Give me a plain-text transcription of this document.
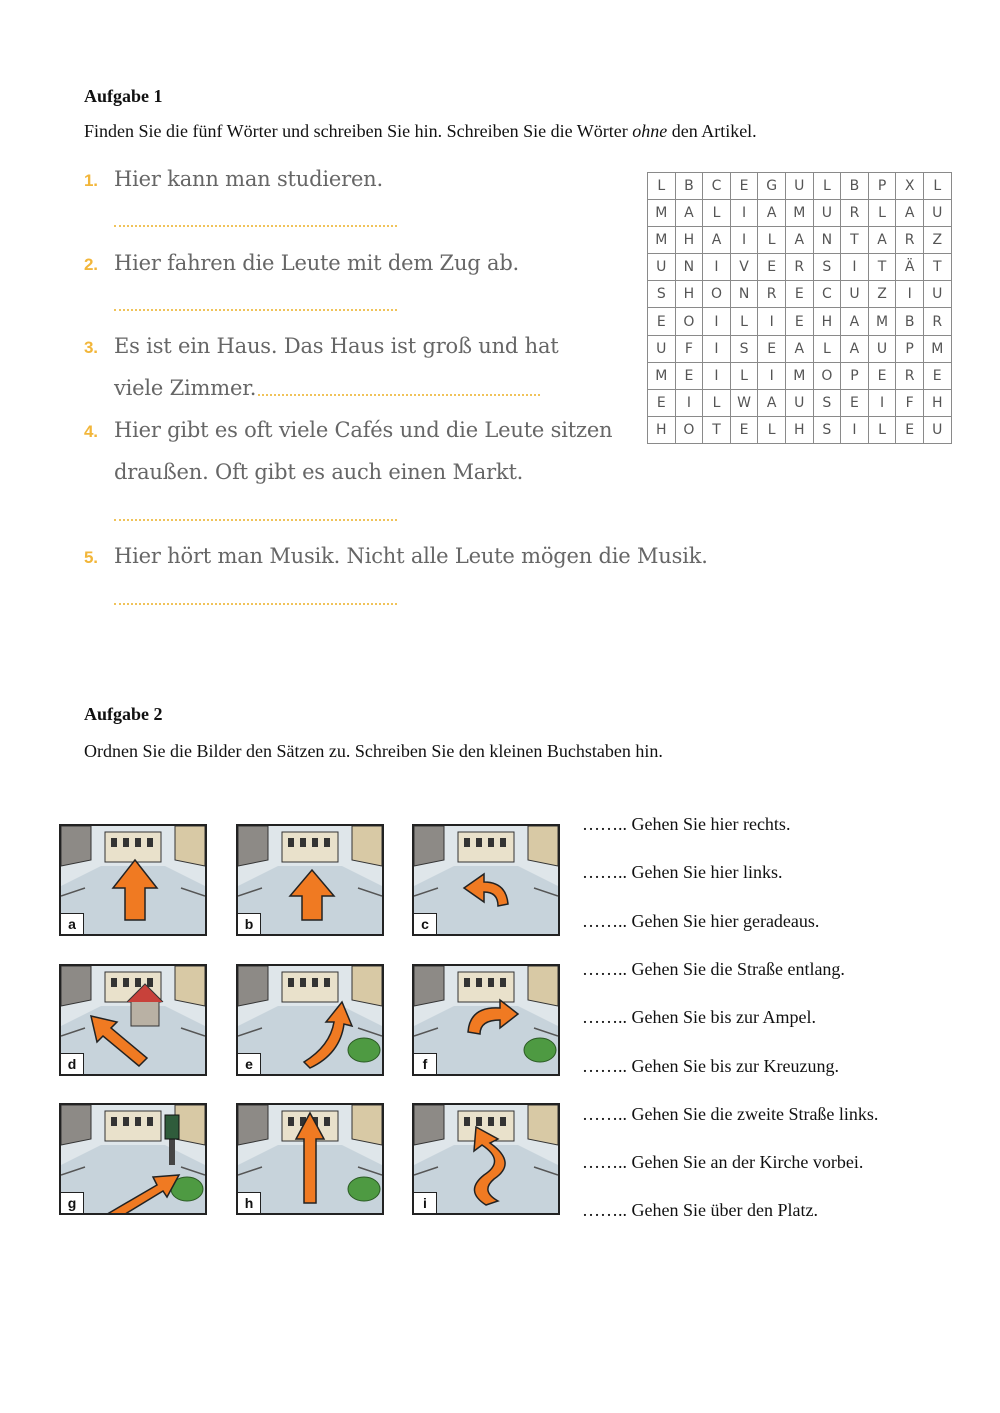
Aufgabe 1
Finden Sie die fünf Wörter und schreiben Sie hin. Schreiben Sie die Wörter ohne den Artikel.
1. Hier kann man studieren.
2. Hier fahren die Leute mit dem Zug ab.
3. Es ist ein Haus. Das Haus ist groß und hat
viele Zimmer.
4. Hier gibt es oft viele Cafés und die Leute sitzen
draußen. Oft gibt es auch einen Markt.
5. Hier hört man Musik. Nicht alle Leute mögen die Musik.
L	B	C	E	G	U	L	B	P	X	L
M	A	L	I	A	M	U	R	L	A	U
M	H	A	I	L	A	N	T	A	R	Z
U	N	I	V	E	R	S	I	T	Ä	T
S	H	O	N	R	E	C	U	Z	I	U
E	O	I	L	I	E	H	A	M	B	R
U	F	I	S	E	A	L	A	U	P	M
M	E	I	L	I	M	O	P	E	R	E
E	I	L	W	A	U	S	E	I	F	H
H	O	T	E	L	H	S	I	L	E	U
Aufgabe 2
Ordnen Sie die Bilder den Sätzen zu. Schreiben Sie den kleinen Buchstaben hin.
a	b	c
d	e	f
g	h	i
…….. Gehen Sie hier rechts.
…….. Gehen Sie hier links.
…….. Gehen Sie hier geradeaus.
…….. Gehen Sie die Straße entlang.
…….. Gehen Sie bis zur Ampel.
…….. Gehen Sie bis zur Kreuzung.
…….. Gehen Sie die zweite Straße links.
…….. Gehen Sie an der Kirche vorbei.
…….. Gehen Sie über den Platz.
